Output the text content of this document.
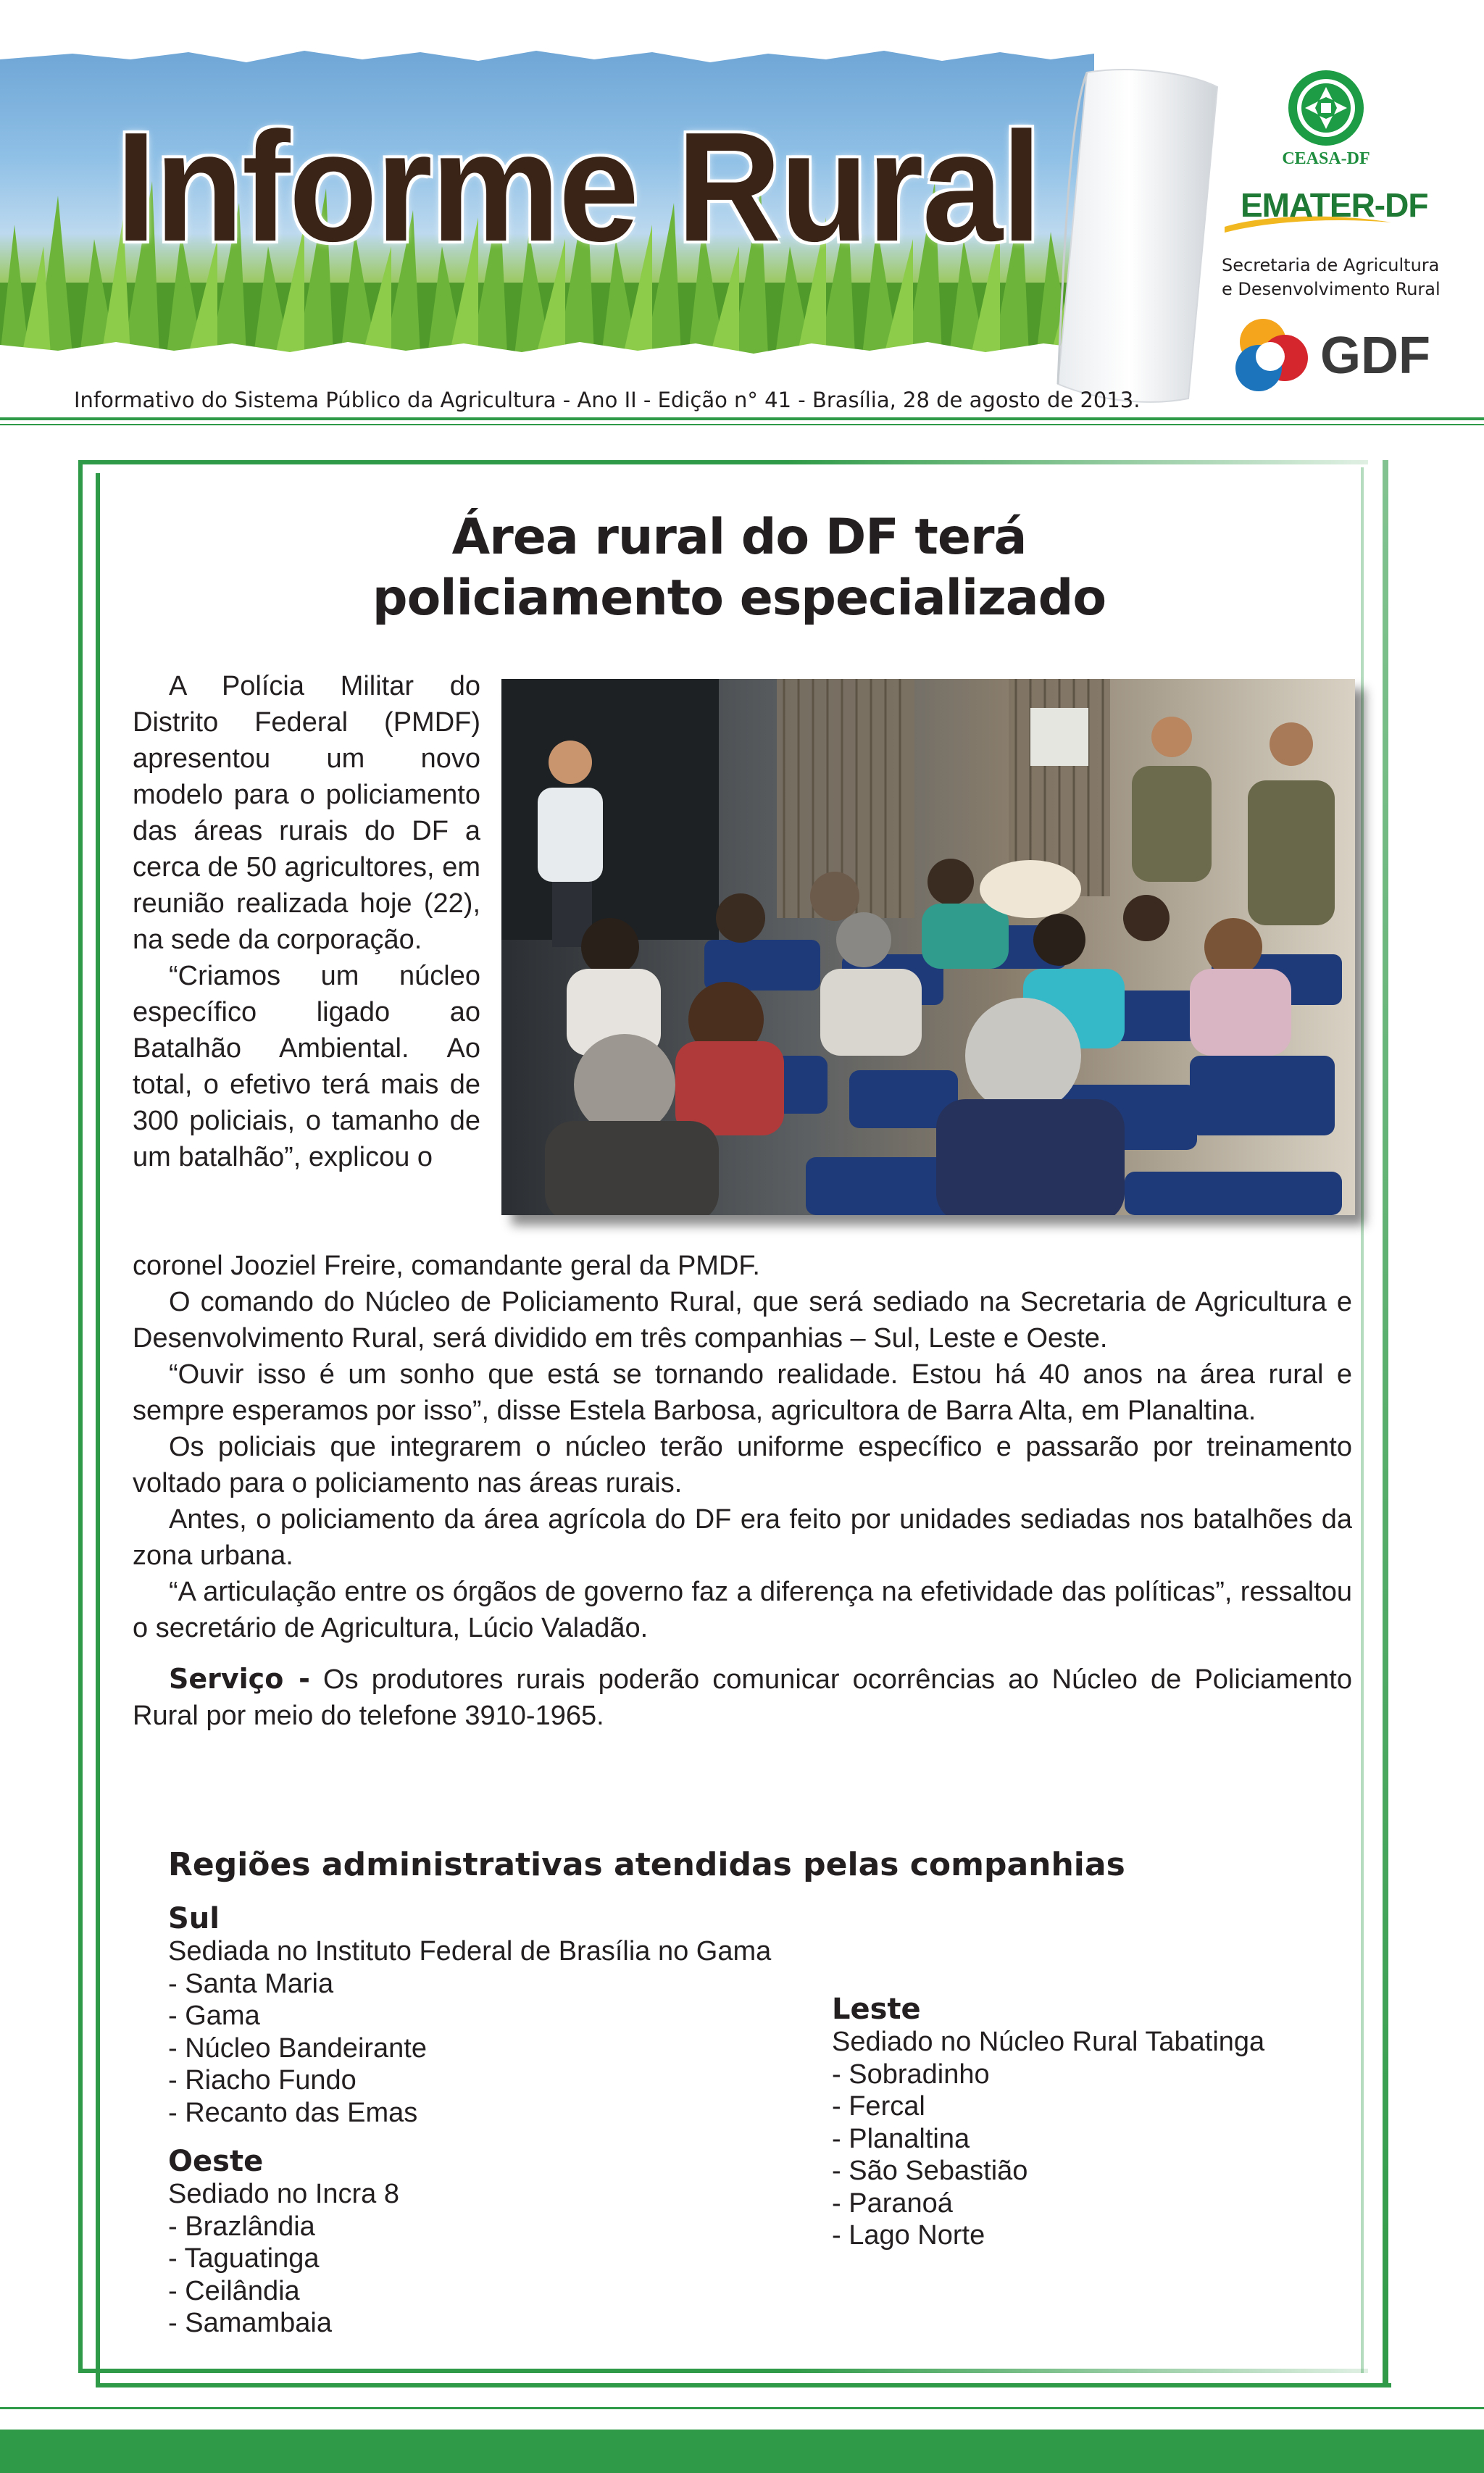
Informe Rural	CEASA-DF
EMATER-DF
Secretaria de Agricultura
e Desenvolvimento Rural
GDF

Informativo do Sistema Público da Agricultura - Ano II - Edição n° 41 - Brasília, 28 de agosto de 2013.

Área rural do DF terá
policiamento especializado

A Polícia Militar do Distrito Federal (PMDF) apresentou um novo modelo para o policiamento das áreas rurais do DF a cerca de 50 agricultores, em reunião realizada hoje (22), na sede da corporação.

“Criamos um núcleo específico ligado ao Batalhão Ambiental. Ao total, o efetivo terá mais de 300 policiais, o tamanho de um batalhão”, explicou o

coronel Jooziel Freire, comandante geral da PMDF.

O comando do Núcleo de Policiamento Rural, que será sediado na Secretaria de Agricultura e Desenvolvimento Rural, será dividido em três companhias – Sul, Leste e Oeste.

“Ouvir isso é um sonho que está se tornando realidade. Estou há 40 anos na área rural e sempre esperamos por isso”, disse Estela Barbosa, agricultora de Barra Alta, em Planaltina.

Os policiais que integrarem o núcleo terão uniforme específico e passarão por treinamento voltado para o policiamento nas áreas rurais.

Antes, o policiamento da área agrícola do DF era feito por unidades sediadas nos batalhões da zona urbana.

“A articulação entre os órgãos de governo faz a diferença na efetividade das políticas”, ressaltou o secretário de Agricultura, Lúcio Valadão.

Serviço - Os produtores rurais poderão comunicar ocorrências ao Núcleo de Policiamento Rural por meio do telefone 3910-1965.

Regiões administrativas atendidas pelas companhias

Sul

Sediada no Instituto Federal de Brasília no Gama

- Santa Maria
- Gama
- Núcleo Bandeirante
- Riacho Fundo
- Recanto das Emas

Oeste

Sediado no Incra 8

- Brazlândia
- Taguatinga
- Ceilândia
- Samambaia

Leste

Sediado no Núcleo Rural Tabatinga

- Sobradinho
- Fercal
- Planaltina
- São Sebastião
- Paranoá
- Lago Norte
